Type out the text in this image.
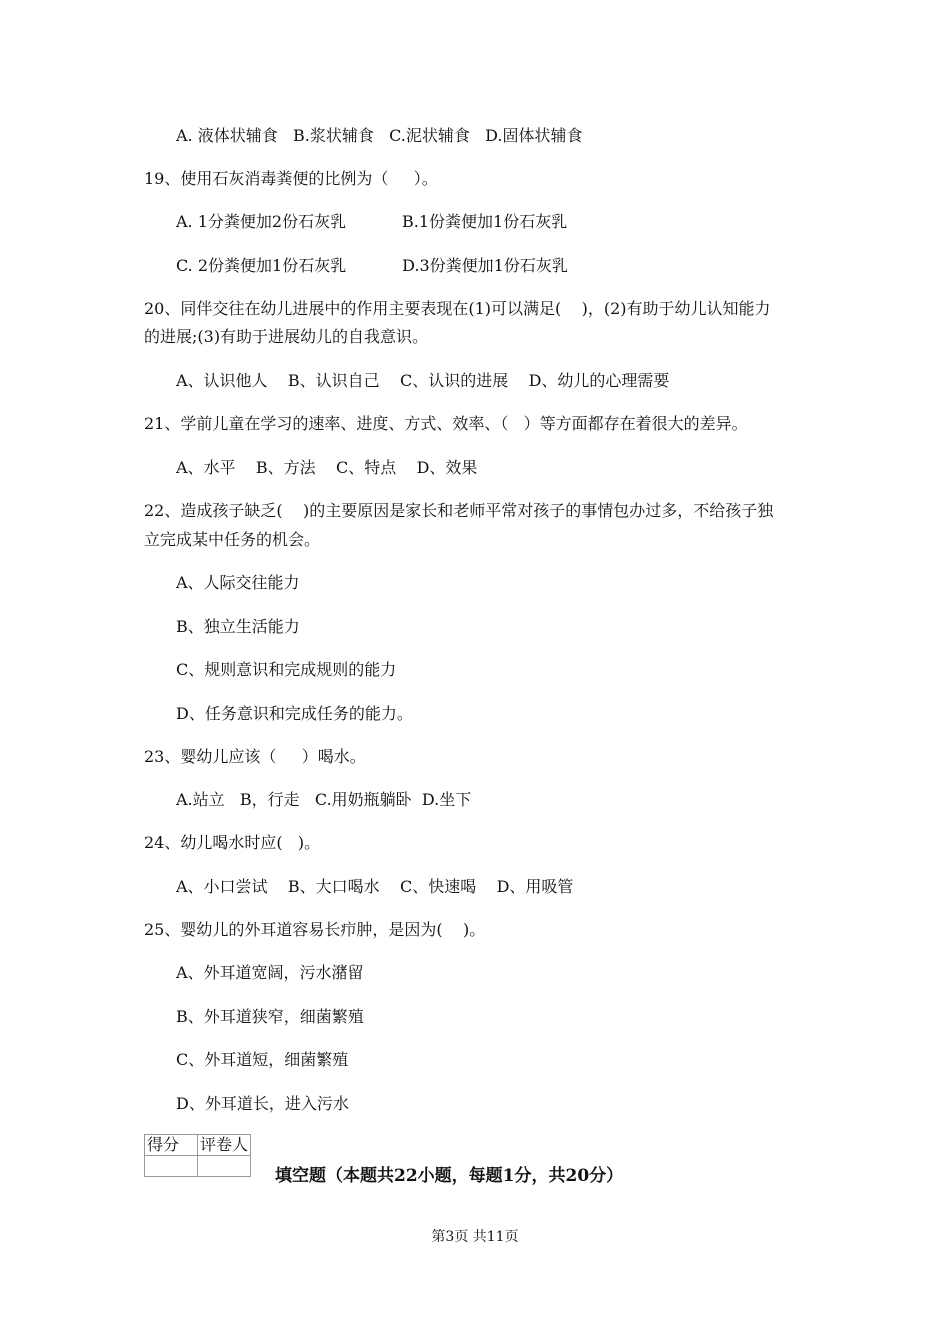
A. 液体状辅食   B.浆状辅食   C.泥状辅食   D.固体状辅食
19、使用石灰消毒粪便的比例为（     ）。
A. 1分粪便加2份石灰乳           B.1份粪便加1份石灰乳
C. 2份粪便加1份石灰乳           D.3份粪便加1份石灰乳
20、同伴交往在幼儿进展中的作用主要表现在(1)可以满足(    )，(2)有助于幼儿认知能力
的进展;(3)有助于进展幼儿的自我意识。
A、认识他人    B、认识自己    C、认识的进展    D、幼儿的心理需要
21、学前儿童在学习的速率、进度、方式、效率、（   ）等方面都存在着很大的差异。
A、水平    B、方法    C、特点    D、效果
22、造成孩子缺乏(    )的主要原因是家长和老师平常对孩子的事情包办过多，不给孩子独
立完成某中任务的机会。
A、人际交往能力
B、独立生活能力
C、规则意识和完成规则的能力
D、任务意识和完成任务的能力。
23、婴幼儿应该（     ）喝水。
A.站立   B，行走   C.用奶瓶躺卧  D.坐下
24、幼儿喝水时应(   )。
A、小口尝试    B、大口喝水    C、快速喝    D、用吸管
25、婴幼儿的外耳道容易长疖肿，是因为(    )。
A、外耳道宽阔，污水潴留
B、外耳道狭窄，细菌繁殖
C、外耳道短，细菌繁殖
D、外耳道长，进入污水
得分	评卷人

填空题（本题共22小题，每题1分，共20分）
第3页 共11页
